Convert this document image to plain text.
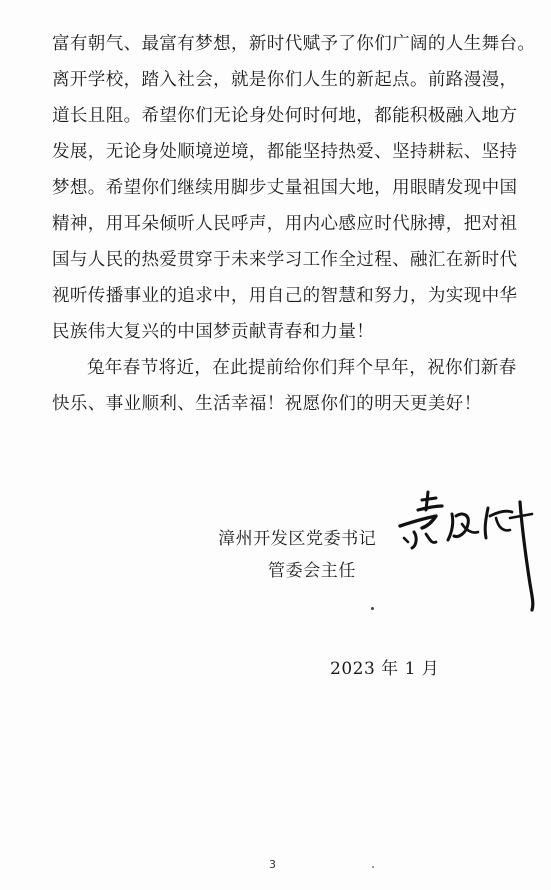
富有朝气、最富有梦想，新时代赋予了你们广阔的人生舞台。
离开学校，踏入社会，就是你们人生的新起点。前路漫漫，
道长且阻。希望你们无论身处何时何地，都能积极融入地方
发展，无论身处顺境逆境，都能坚持热爱、坚持耕耘、坚持
梦想。希望你们继续用脚步丈量祖国大地，用眼睛发现中国
精神，用耳朵倾听人民呼声，用内心感应时代脉搏，把对祖
国与人民的热爱贯穿于未来学习工作全过程、融汇在新时代
视听传播事业的追求中，用自己的智慧和努力，为实现中华
民族伟大复兴的中国梦贡献青春和力量！
兔年春节将近，在此提前给你们拜个早年，祝你们新春
快乐、事业顺利、生活幸福！祝愿你们的明天更美好！
漳州开发区党委书记
管委会主任
2023 年 1 月
3
